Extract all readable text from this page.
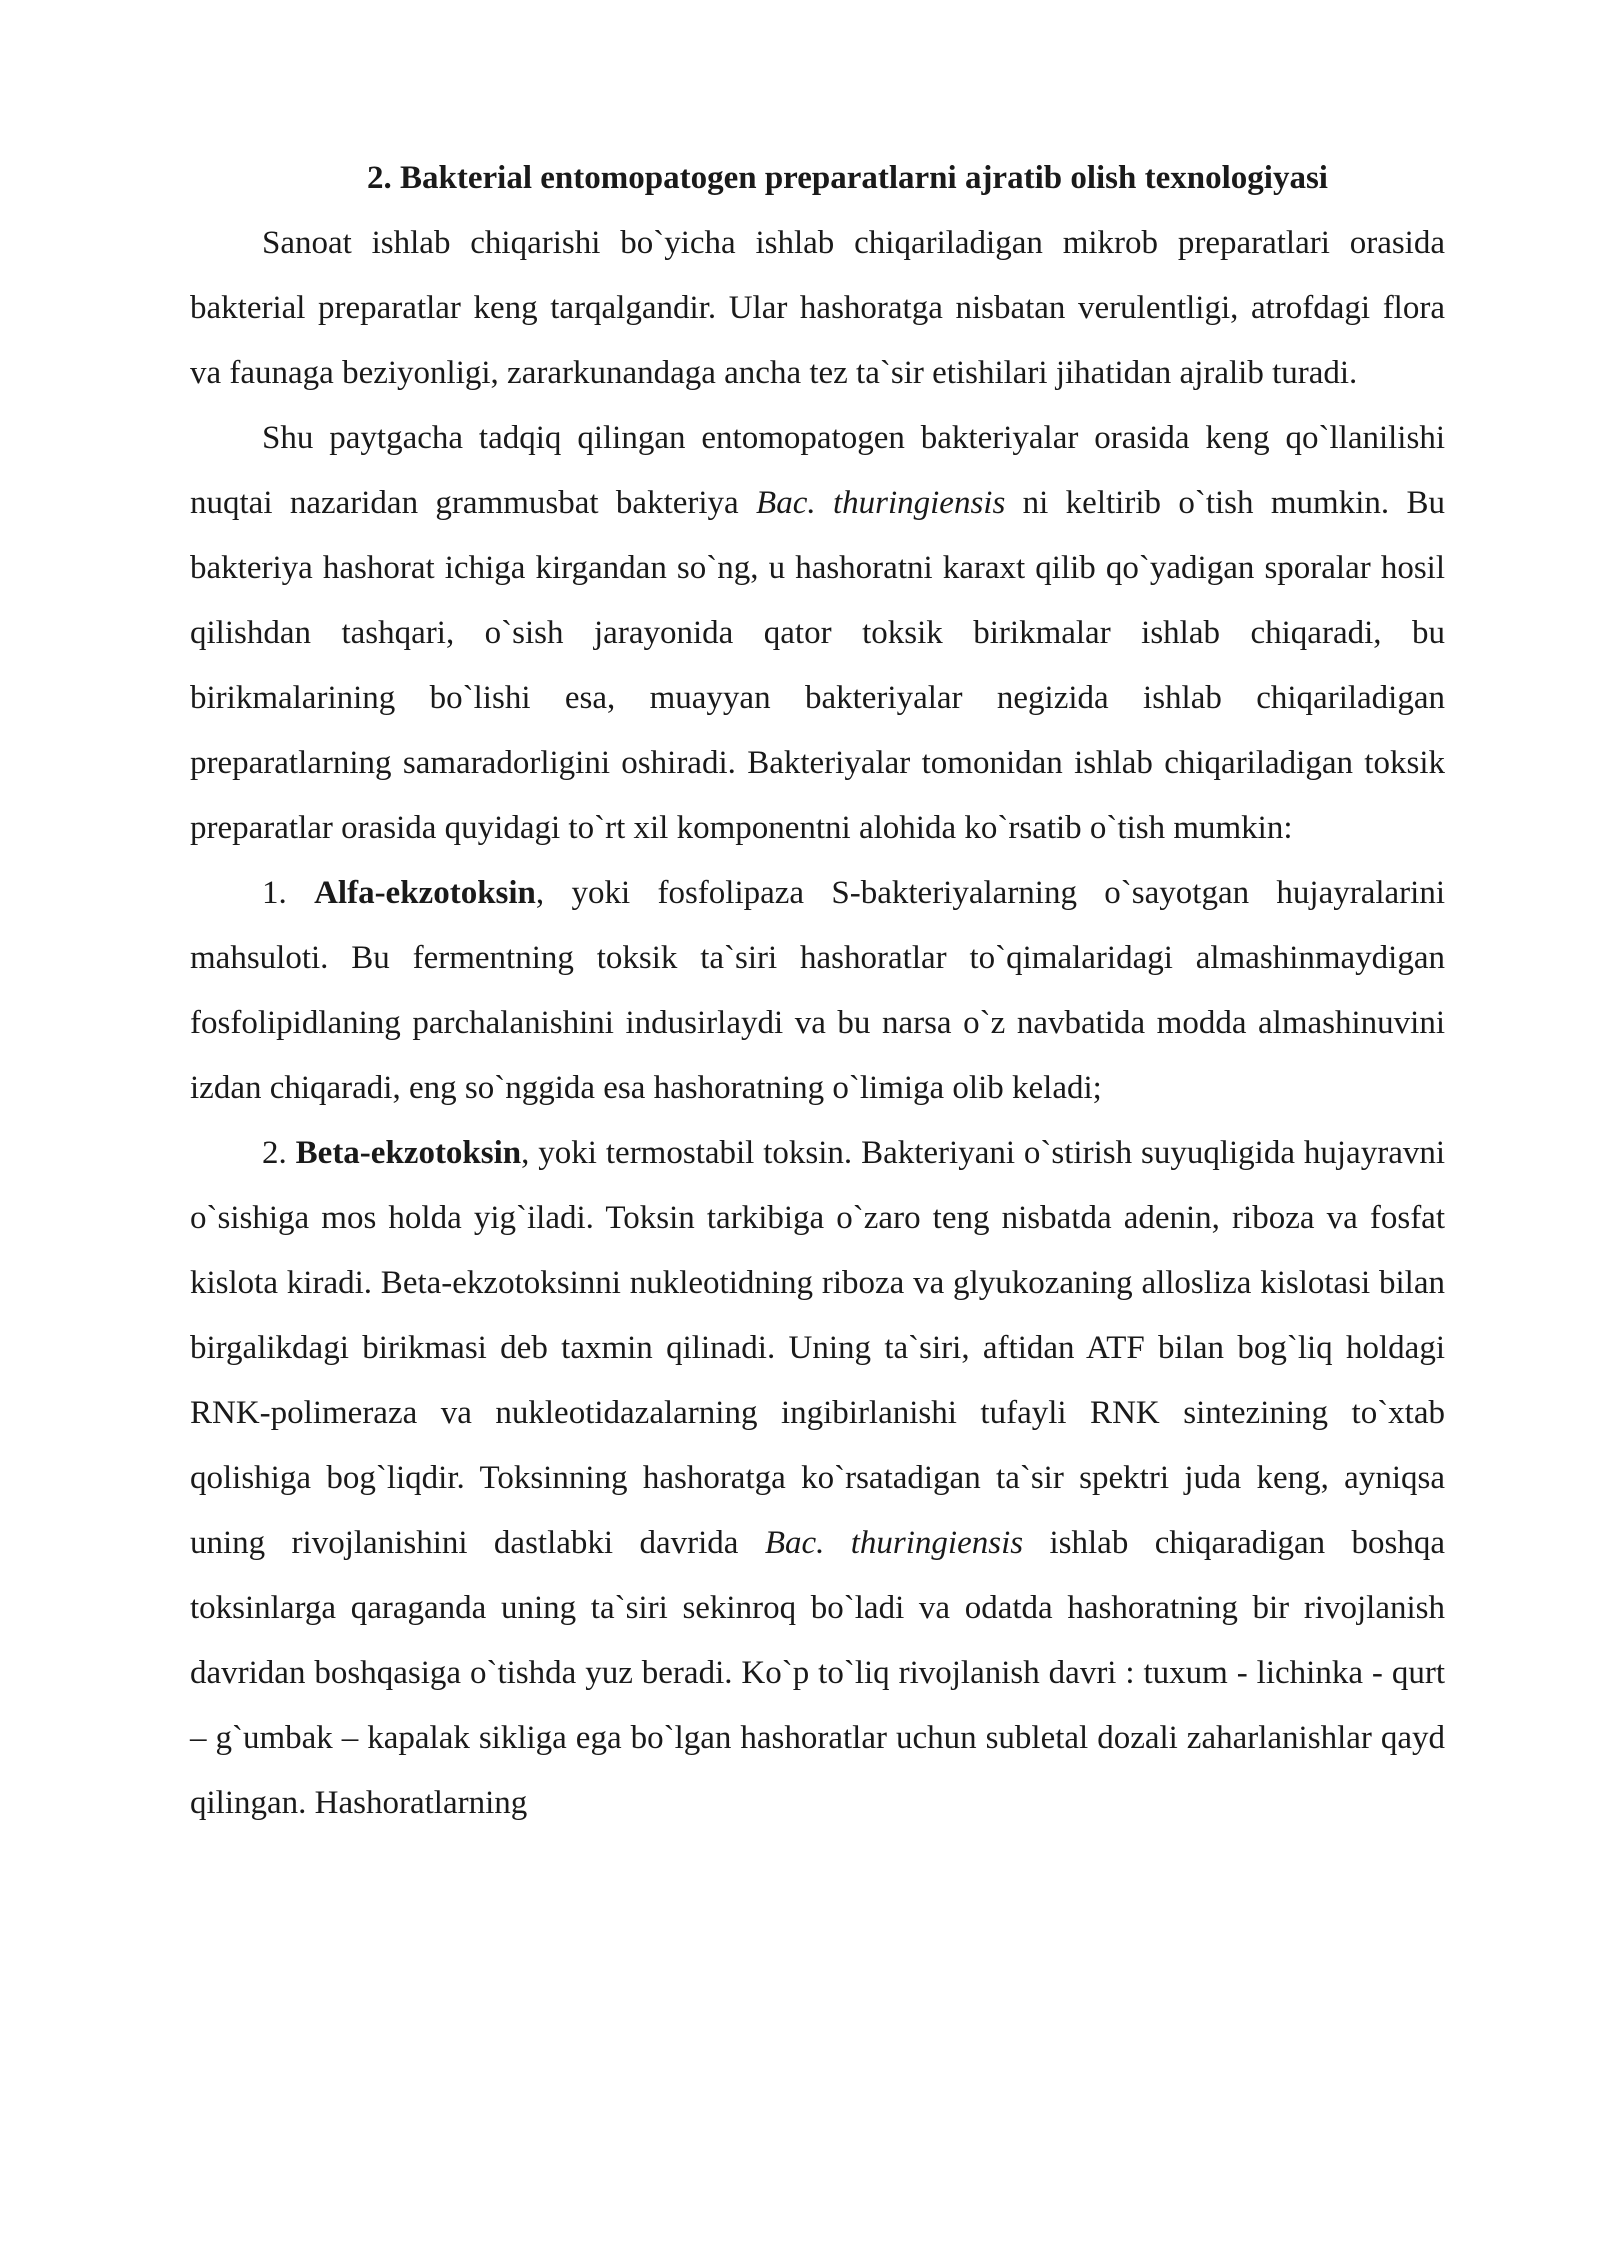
2. Bakterial entomopatogen preparatlarni ajratib olish texnologiyasi

Sanoat ishlab chiqarishi bo`yicha ishlab chiqariladigan mikrob preparatlari orasida bakterial preparatlar keng tarqalgandir. Ular hashoratga nisbatan verulentligi, atrofdagi flora va faunaga beziyonligi, zararkunandaga ancha tez ta`sir etishilari jihatidan ajralib turadi.

Shu paytgacha tadqiq qilingan entomopatogen bakteriyalar orasida keng qo`llanilishi nuqtai nazaridan grammusbat bakteriya Bac. thuringiensis ni keltirib o`tish mumkin. Bu bakteriya hashorat ichiga kirgandan so`ng, u hashoratni karaxt qilib qo`yadigan sporalar hosil qilishdan tashqari, o`sish jarayonida qator toksik birikmalar ishlab chiqaradi, bu birikmalarining bo`lishi esa, muayyan bakteriyalar negizida ishlab chiqariladigan preparatlarning samaradorligini oshiradi. Bakteriyalar tomonidan ishlab chiqariladigan toksik preparatlar orasida quyidagi to`rt xil komponentni alohida ko`rsatib o`tish mumkin:

1. Alfa-ekzotoksin, yoki fosfolipaza S-bakteriyalarning o`sayotgan hujayralarini mahsuloti. Bu fermentning toksik ta`siri hashoratlar to`qimalaridagi almashinmaydigan fosfolipidlaning parchalanishini indusirlaydi va bu narsa o`z navbatida modda almashinuvini izdan chiqaradi, eng so`nggida esa hashoratning o`limiga olib keladi;

2. Beta-ekzotoksin, yoki termostabil toksin. Bakteriyani o`stirish suyuqligida hujayravni o`sishiga mos holda yig`iladi. Toksin tarkibiga o`zaro teng nisbatda adenin, riboza va fosfat kislota kiradi. Beta-ekzotoksinni nukleotidning riboza va glyukozaning allosliza kislotasi bilan birgalikdagi birikmasi deb taxmin qilinadi. Uning ta`siri, aftidan ATF bilan bog`liq holdagi RNK-polimeraza va nukleotidazalarning ingibirlanishi tufayli RNK sintezining to`xtab qolishiga bog`liqdir. Toksinning hashoratga ko`rsatadigan ta`sir spektri juda keng, ayniqsa uning rivojlanishini dastlabki davrida Bac. thuringiensis ishlab chiqaradigan boshqa toksinlarga qaraganda uning ta`siri sekinroq bo`ladi va odatda hashoratning bir rivojlanish davridan boshqasiga o`tishda yuz beradi. Ko`p to`liq rivojlanish davri : tuxum - lichinka - qurt – g`umbak – kapalak sikliga ega bo`lgan hashoratlar uchun subletal dozali zaharlanishlar qayd qilingan. Hashoratlarning
